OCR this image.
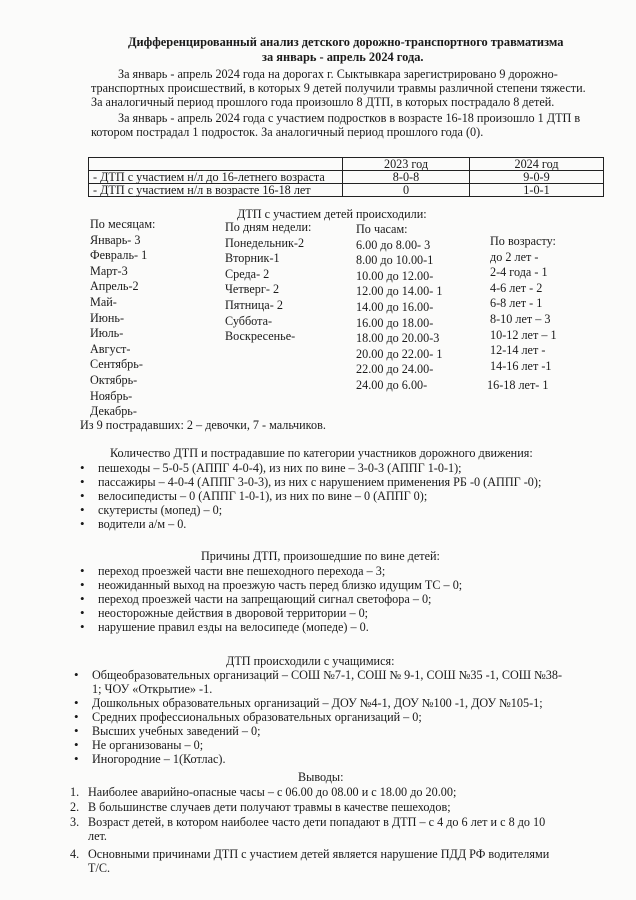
Дифференцированный анализ детского дорожно-транспортного травматизма
за январь - апрель 2024 года.
За январь - апрель 2024 года на дорогах г. Сыктывкара зарегистрировано 9 дорожно-
транспортных происшествий, в которых 9 детей получили травмы различной степени тяжести.
За аналогичный период прошлого года произошло 8 ДТП, в которых пострадало 8 детей.
За январь - апрель 2024 года с участием подростков в возрасте 16-18 произошло 1 ДТП в
котором пострадал 1 подросток. За аналогичный период прошлого года (0).
	2023 год	2024 год
- ДТП с участием н/л до 16-летнего возраста	8-0-8	9-0-9
- ДТП с участием н/л в возрасте 16-18 лет	0	1-0-1
ДТП с участием детей происходили:
По месяцам:
Январь- 3
Февраль- 1
Март-3
Апрель-2
Май-
Июнь-
Июль-
Август-
Сентябрь-
Октябрь-
Ноябрь-
Декабрь-
По дням недели:
Понедельник-2
Вторник-1
Среда- 2
Четверг- 2
Пятница- 2
Суббота-
Воскресенье-
По часам:
6.00 до 8.00- 3
8.00 до 10.00-1
10.00 до 12.00-
12.00 до 14.00- 1
14.00 до 16.00-
16.00 до 18.00-
18.00 до 20.00-3
20.00 до 22.00- 1
22.00 до 24.00-
24.00 до 6.00-
По возрасту:
до 2 лет -
2-4 года - 1
4-6 лет - 2
6-8 лет - 1
8-10 лет – 3
10-12 лет – 1
12-14 лет -
14-16 лет -1
16-18 лет- 1
Из 9 пострадавших: 2 – девочки, 7 - мальчиков.
Количество ДТП и пострадавшие по категории участников дорожного движения:
• пешеходы – 5-0-5 (АППГ 4-0-4), из них по вине – 3-0-3 (АППГ 1-0-1);
• пассажиры – 4-0-4 (АППГ 3-0-3), из них с нарушением применения РБ -0 (АППГ -0);
• велосипедисты – 0 (АППГ 1-0-1), из них по вине – 0 (АППГ 0);
• скутеристы (мопед) – 0;
• водители а/м – 0.
Причины ДТП, произошедшие по вине детей:
• переход проезжей части вне пешеходного перехода – 3;
• неожиданный выход на проезжую часть перед близко идущим ТС – 0;
• переход проезжей части на запрещающий сигнал светофора – 0;
• неосторожные действия в дворовой территории – 0;
• нарушение правил езды на велосипеде (мопеде) – 0.
ДТП происходили с учащимися:
• Общеобразовательных организаций – СОШ №7-1, СОШ № 9-1, СОШ №35 -1, СОШ №38-
1; ЧОУ «Открытие» -1.
• Дошкольных образовательных организаций – ДОУ №4-1, ДОУ №100 -1, ДОУ №105-1;
• Средних профессиональных образовательных организаций – 0;
• Высших учебных заведений – 0;
• Не организованы – 0;
• Иногородние – 1(Котлас).
Выводы:
1. Наиболее аварийно-опасные часы – с 06.00 до 08.00 и с 18.00 до 20.00;
2. В большинстве случаев дети получают травмы в качестве пешеходов;
3. Возраст детей, в котором наиболее часто дети попадают в ДТП – с 4 до 6 лет и с 8 до 10
лет.
4. Основными причинами ДТП с участием детей является нарушение ПДД РФ водителями
Т/С.
